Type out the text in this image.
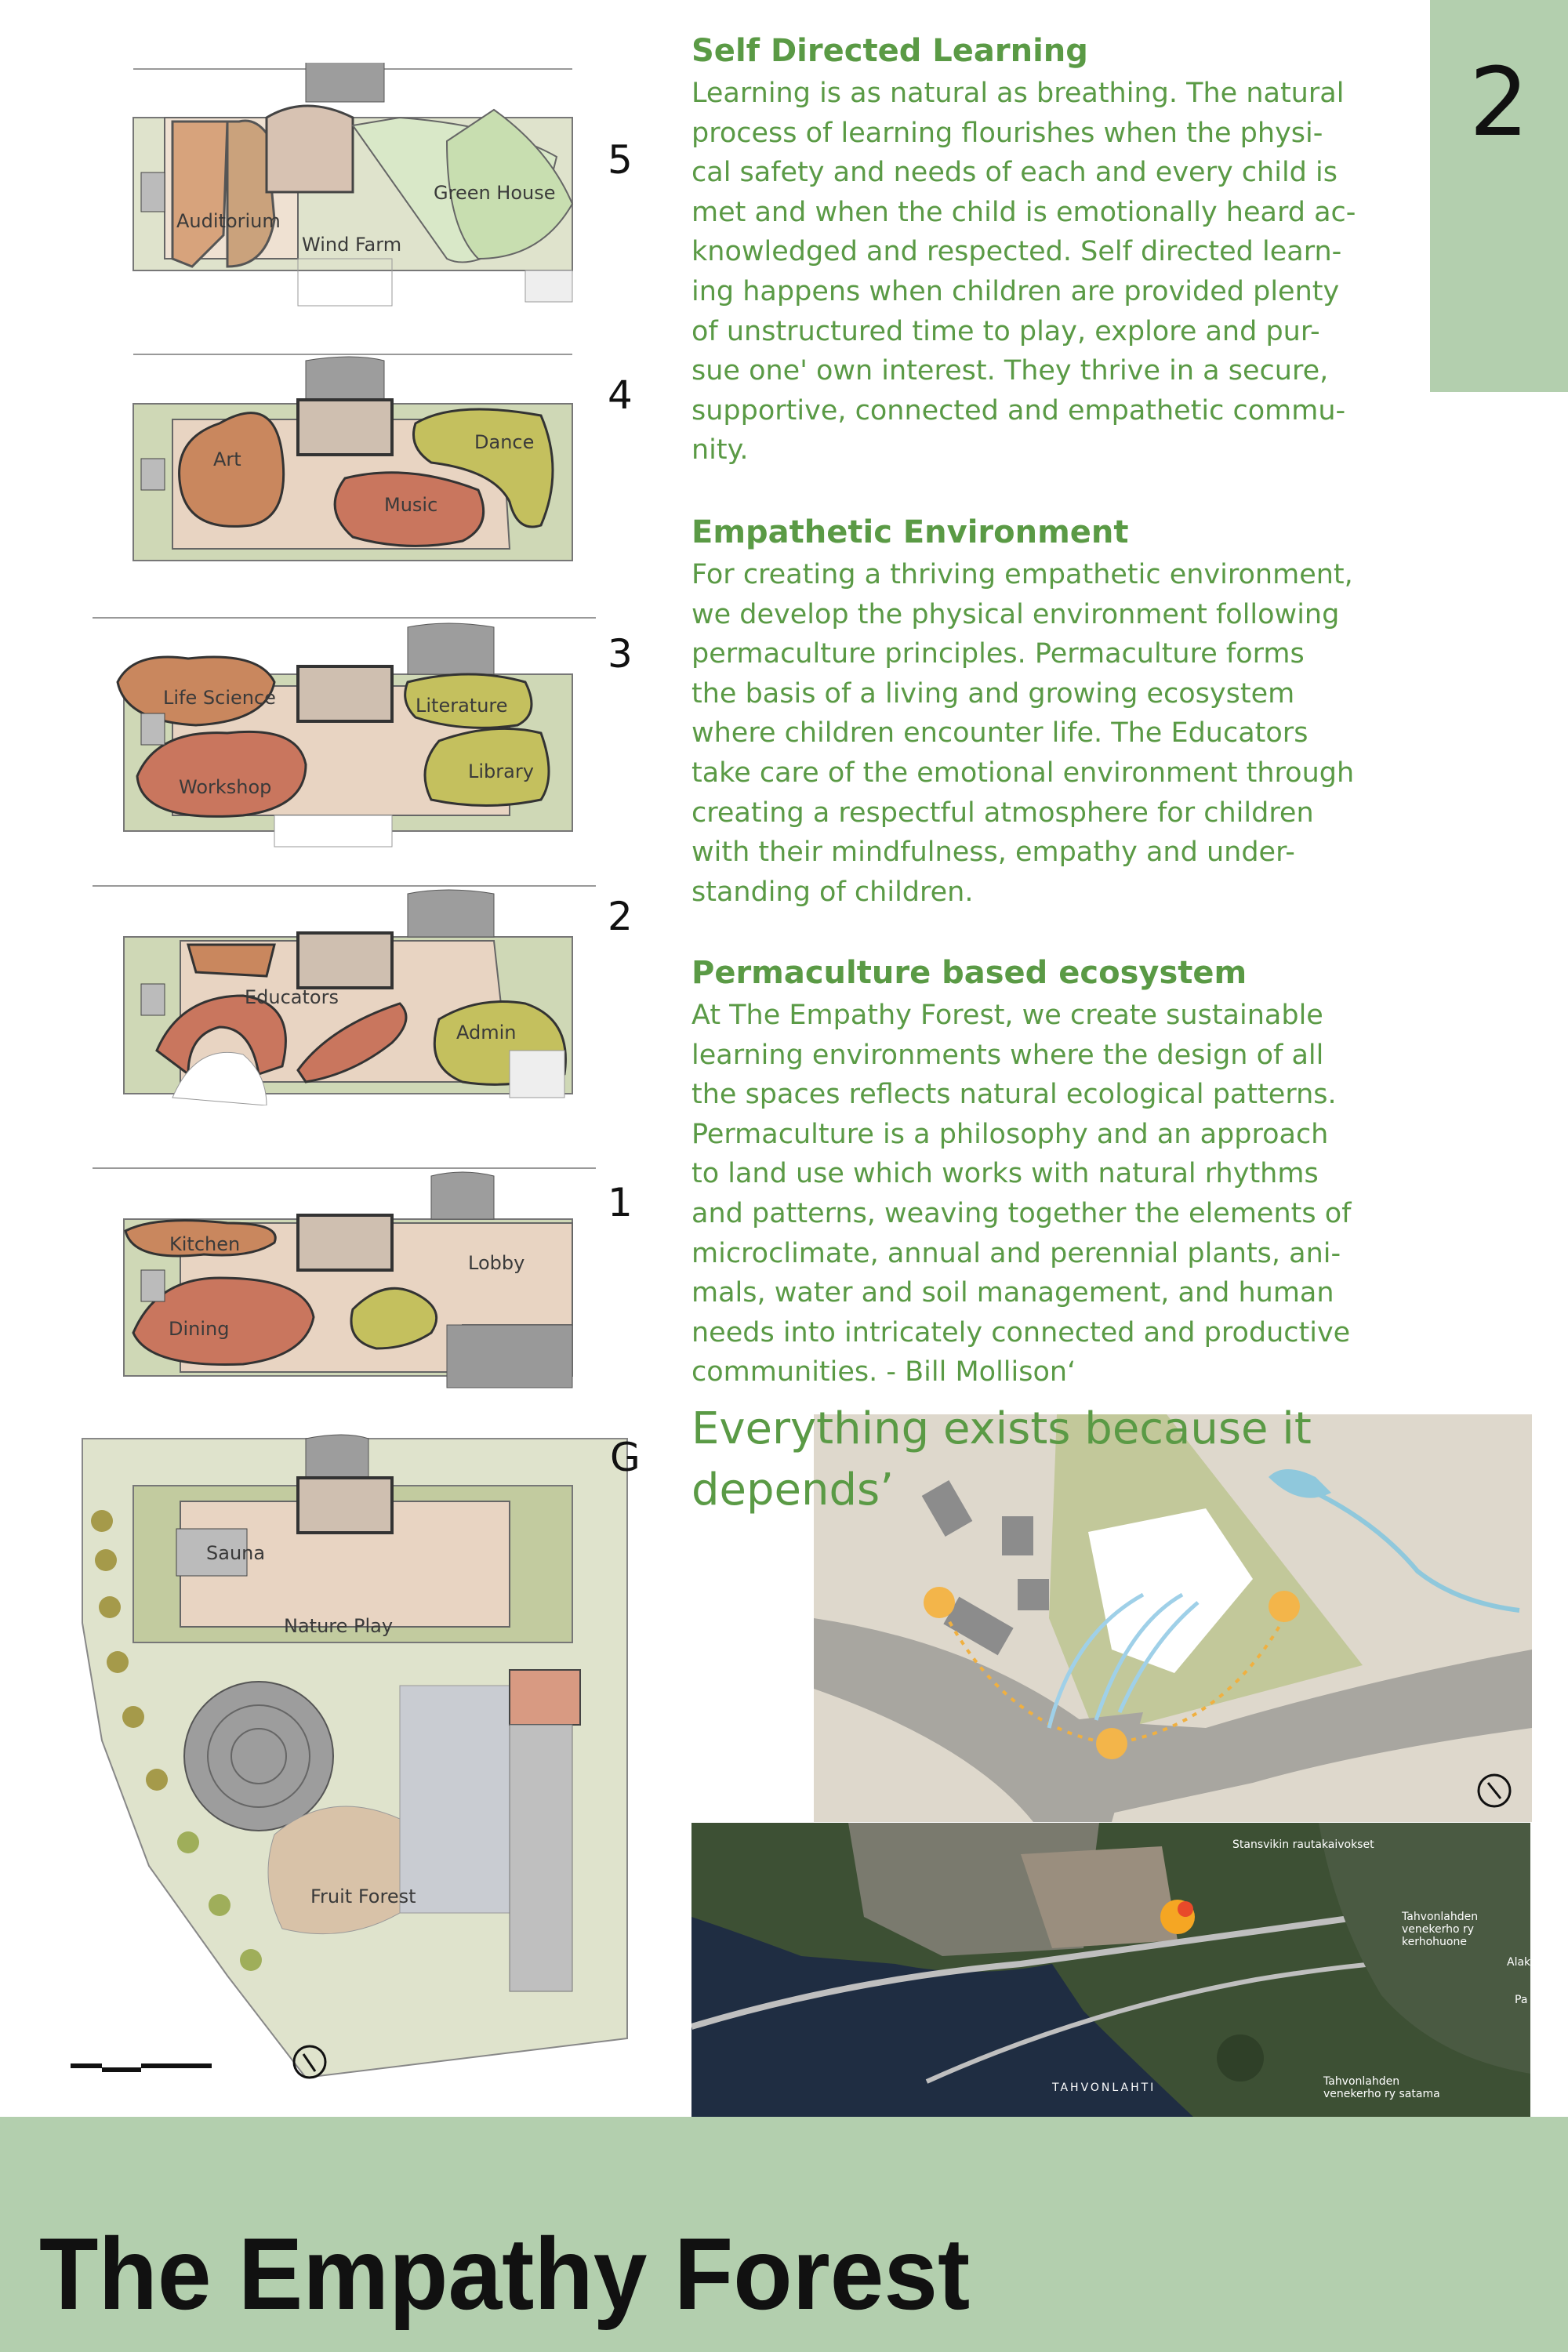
2
Auditorium
Wind Farm
Green House
5
Art
Dance
Music
4
Life Science	Literature
Workshop
Library
3
Educators
Admin
2
Kitchen
Lobby
Dining
1
Sauna
Nature Play
Fruit Forest
G
Self Directed Learning
Learning is as natural as breathing. The natural
process of learning flourishes when the physi-
cal safety and needs of each and every child is
met and when the child is emotionally heard ac-
knowledged and respected. Self directed learn-
ing happens when children are provided plenty
of unstructured time to play, explore and pur-
sue one' own interest. They thrive in a secure,
supportive, connected and empathetic commu-
nity.
Empathetic Environment
For creating a thriving empathetic environment,
we develop the physical environment following
permaculture principles. Permaculture forms
the basis of a living and growing ecosystem
where children encounter life. The Educators
take care of the emotional environment through
creating a respectful atmosphere for children
with their mindfulness, empathy and under-
standing of children.
Permaculture based ecosystem
At The Empathy Forest, we create sustainable
learning environments where the design of all
the spaces reflects natural ecological patterns.
Permaculture is a philosophy and an approach
to land use which works with natural rhythms
and patterns, weaving together the elements of
microclimate, annual and perennial plants, ani-
mals, water and soil management, and human
needs into intricately connected and productive
communities. - Bill Mollison‘
Everything exists because it
depends’
Stansvikin rautakaivokset
Tahvonlahden venekerho ry kerhohuone
TAHVONLAHTI	Tahvonlahden venekerho ry satama
Alak
Pa
The Empathy Forest
